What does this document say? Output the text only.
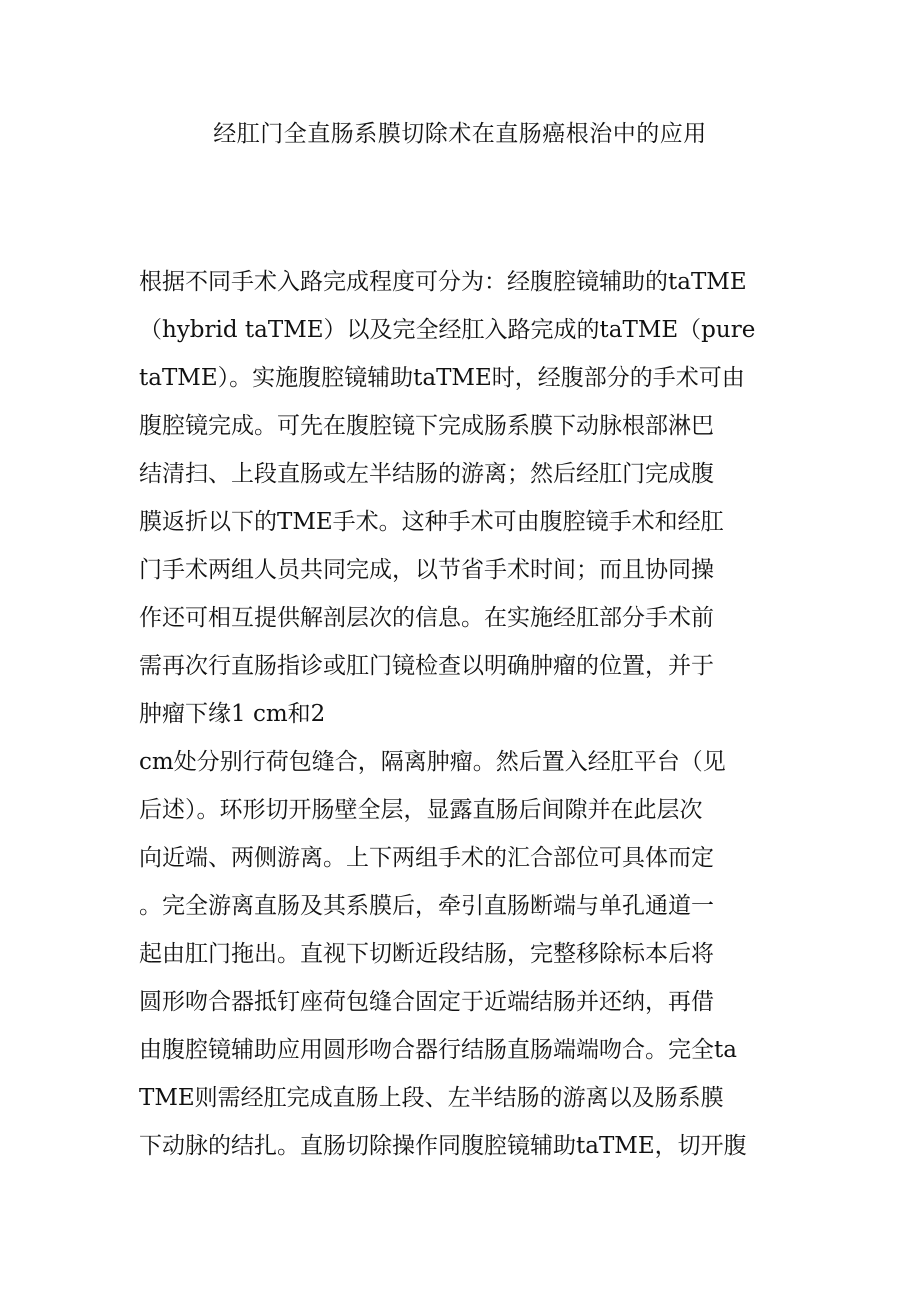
经肛门全直肠系膜切除术在直肠癌根治中的应用
根据不同手术入路完成程度可分为：经腹腔镜辅助的taTME
（hybrid taTME）以及完全经肛入路完成的taTME（pure
taTME）。实施腹腔镜辅助taTME时，经腹部分的手术可由
腹腔镜完成。可先在腹腔镜下完成肠系膜下动脉根部淋巴
结清扫、上段直肠或左半结肠的游离；然后经肛门完成腹
膜返折以下的TME手术。这种手术可由腹腔镜手术和经肛
门手术两组人员共同完成，以节省手术时间；而且协同操
作还可相互提供解剖层次的信息。在实施经肛部分手术前
需再次行直肠指诊或肛门镜检查以明确肿瘤的位置，并于
肿瘤下缘1 cm和2
cm处分别行荷包缝合，隔离肿瘤。然后置入经肛平台（见
后述）。环形切开肠壁全层，显露直肠后间隙并在此层次
向近端、两侧游离。上下两组手术的汇合部位可具体而定
。完全游离直肠及其系膜后，牵引直肠断端与单孔通道一
起由肛门拖出。直视下切断近段结肠，完整移除标本后将
圆形吻合器抵钉座荷包缝合固定于近端结肠并还纳，再借
由腹腔镜辅助应用圆形吻合器行结肠直肠端端吻合。完全ta
TME则需经肛完成直肠上段、左半结肠的游离以及肠系膜
下动脉的结扎。直肠切除操作同腹腔镜辅助taTME，切开腹
